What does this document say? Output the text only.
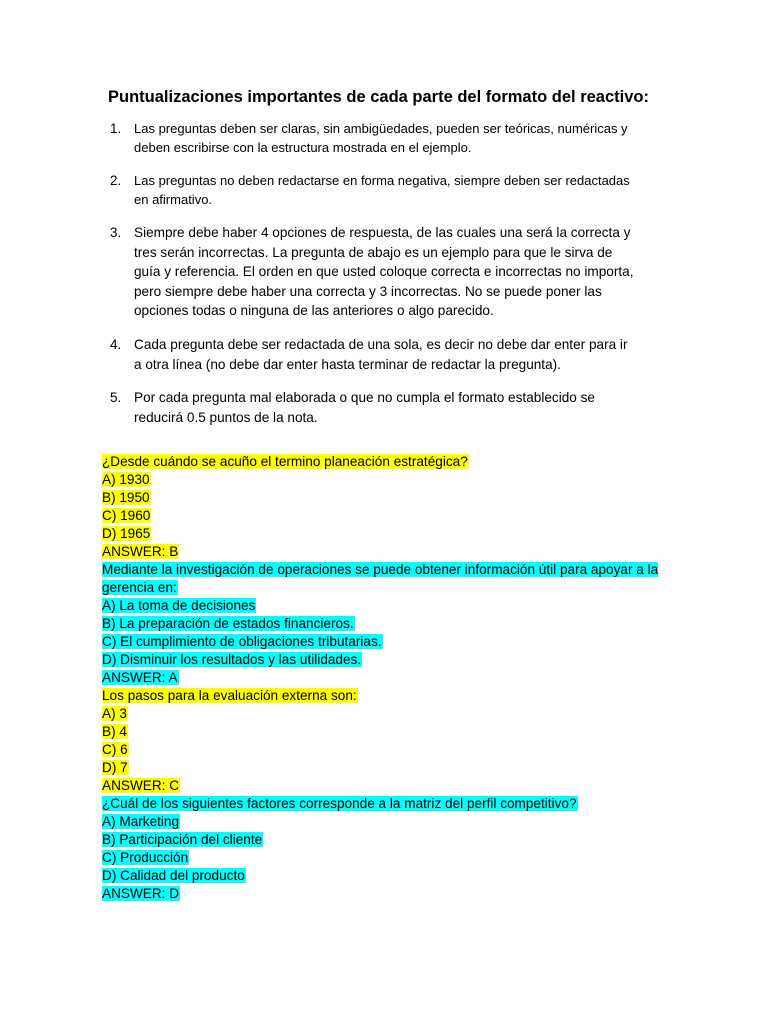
Puntualizaciones importantes de cada parte del formato del reactivo:
1. Las preguntas deben ser claras, sin ambigüedades, pueden ser teóricas, numéricas y deben escribirse con la estructura mostrada en el ejemplo.
2. Las preguntas no deben redactarse en forma negativa, siempre deben ser redactadas en afirmativo.
3. Siempre debe haber 4 opciones de respuesta, de las cuales una será la correcta y tres serán incorrectas. La pregunta de abajo es un ejemplo para que le sirva de guía y referencia. El orden en que usted coloque correcta e incorrectas no importa, pero siempre debe haber una correcta y 3 incorrectas. No se puede poner las opciones todas o ninguna de las anteriores o algo parecido.
4. Cada pregunta debe ser redactada de una sola, es decir no debe dar enter para ir a otra línea (no debe dar enter hasta terminar de redactar la pregunta).
5. Por cada pregunta mal elaborada o que no cumpla el formato establecido se reducirá 0.5 puntos de la nota.
¿Desde cuándo se acuño el termino planeación estratégica?
A) 1930
B) 1950
C) 1960
D) 1965
ANSWER: B
Mediante la investigación de operaciones se puede obtener información útil para apoyar a la gerencia en:
A) La toma de decisiones
B) La preparación de estados financieros.
C) El cumplimiento de obligaciones tributarias.
D) Disminuir los resultados y las utilidades.
ANSWER: A
Los pasos para la evaluación externa son:
A) 3
B) 4
C) 6
D) 7
ANSWER: C
¿Cuál de los siguientes factores corresponde a la matriz del perfil competitivo?
A) Marketing
B) Participación del cliente
C) Producción
D) Calidad del producto
ANSWER: D
